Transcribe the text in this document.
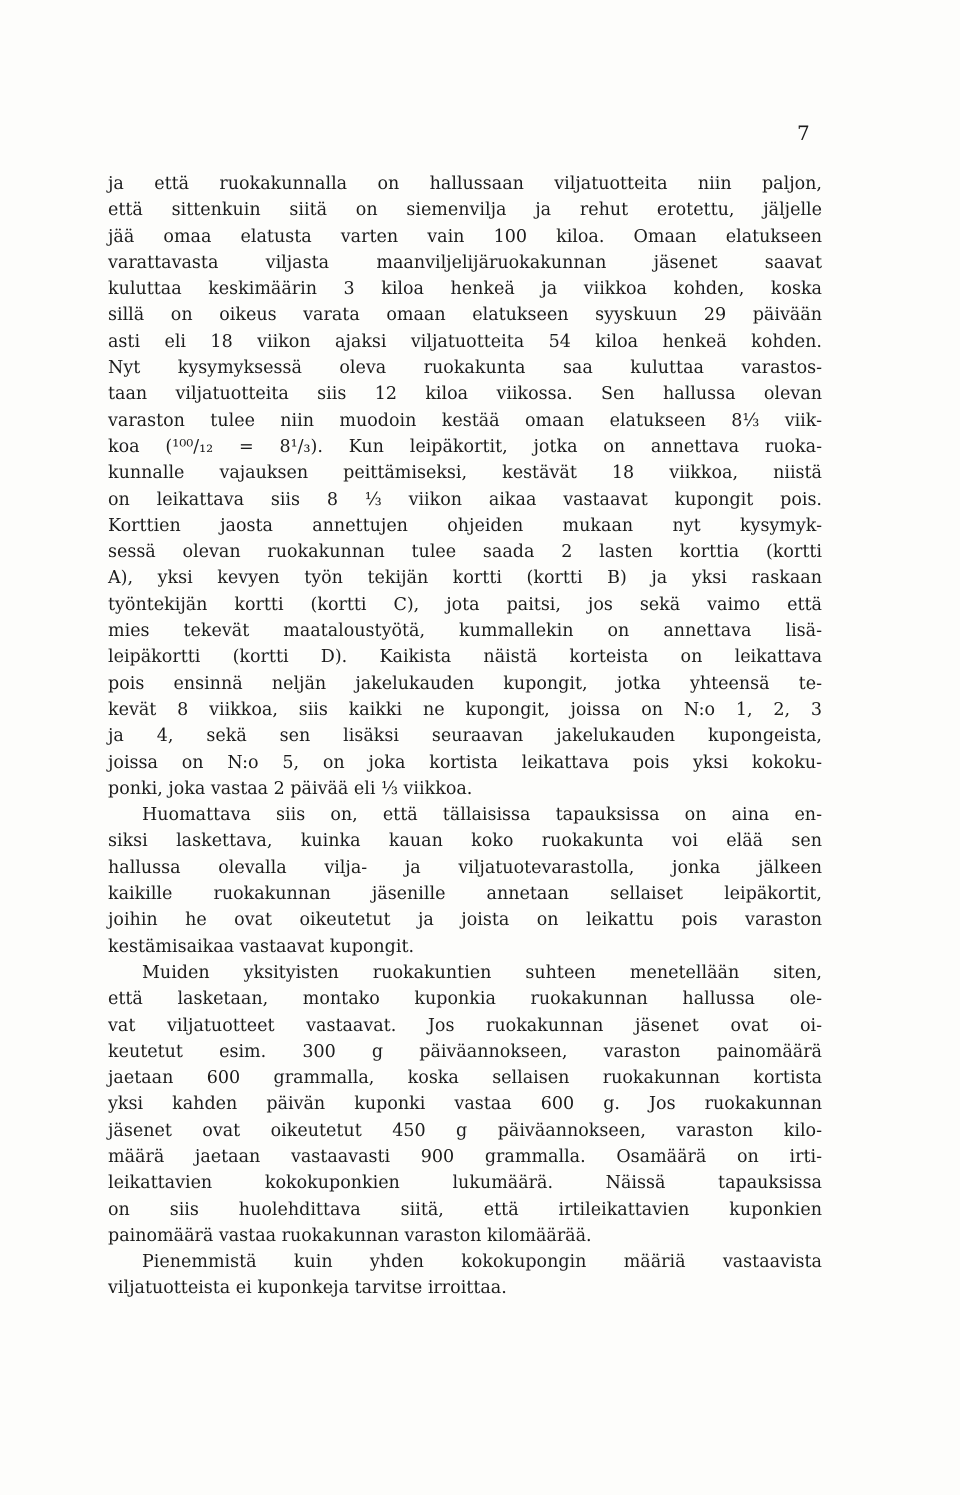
7
ja että ruokakunnalla on hallussaan viljatuotteita niin paljon,
että sittenkuin siitä on siemenvilja ja rehut erotettu, jäljelle
jää omaa elatusta varten vain 100 kiloa. Omaan elatukseen
varattavasta viljasta maanviljelijäruokakunnan jäsenet saavat
kuluttaa keskimäärin 3 kiloa henkeä ja viikkoa kohden, koska
sillä on oikeus varata omaan elatukseen syyskuun 29 päivään
asti eli 18 viikon ajaksi viljatuotteita 54 kiloa henkeä kohden.
Nyt kysymyksessä oleva ruokakunta saa kuluttaa varastos-
taan viljatuotteita siis 12 kiloa viikossa. Sen hallussa olevan
varaston tulee niin muodoin kestää omaan elatukseen 8⅓ viik-
koa (¹⁰⁰/₁₂ = 8¹/₃). Kun leipäkortit, jotka on annettava ruoka-
kunnalle vajauksen peittämiseksi, kestävät 18 viikkoa, niistä
on leikattava siis 8 ⅓ viikon aikaa vastaavat kupongit pois.
Korttien jaosta annettujen ohjeiden mukaan nyt kysymyk-
sessä olevan ruokakunnan tulee saada 2 lasten korttia (kortti
A), yksi kevyen työn tekijän kortti (kortti B) ja yksi raskaan
työntekijän kortti (kortti C), jota paitsi, jos sekä vaimo että
mies tekevät maataloustyötä, kummallekin on annettava lisä-
leipäkortti (kortti D). Kaikista näistä korteista on leikattava
pois ensinnä neljän jakelukauden kupongit, jotka yhteensä te-
kevät 8 viikkoa, siis kaikki ne kupongit, joissa on N:o 1, 2, 3
ja 4, sekä sen lisäksi seuraavan jakelukauden kupongeista,
joissa on N:o 5, on joka kortista leikattava pois yksi kokoku-
ponki, joka vastaa 2 päivää eli ⅓ viikkoa.
Huomattava siis on, että tällaisissa tapauksissa on aina en-
siksi laskettava, kuinka kauan koko ruokakunta voi elää sen
hallussa olevalla vilja- ja viljatuotevarastolla, jonka jälkeen
kaikille ruokakunnan jäsenille annetaan sellaiset leipäkortit,
joihin he ovat oikeutetut ja joista on leikattu pois varaston
kestämisaikaa vastaavat kupongit.
Muiden yksityisten ruokakuntien suhteen menetellään siten,
että lasketaan, montako kuponkia ruokakunnan hallussa ole-
vat viljatuotteet vastaavat. Jos ruokakunnan jäsenet ovat oi-
keutetut esim. 300 g päiväannokseen, varaston painomäärä
jaetaan 600 grammalla, koska sellaisen ruokakunnan kortista
yksi kahden päivän kuponki vastaa 600 g. Jos ruokakunnan
jäsenet ovat oikeutetut 450 g päiväannokseen, varaston kilo-
määrä jaetaan vastaavasti 900 grammalla. Osamäärä on irti-
leikattavien kokokuponkien lukumäärä. Näissä tapauksissa
on siis huolehdittava siitä, että irtileikattavien kuponkien
painomäärä vastaa ruokakunnan varaston kilomäärää.
Pienemmistä kuin yhden kokokupongin määriä vastaavista
viljatuotteista ei kuponkeja tarvitse irroittaa.
